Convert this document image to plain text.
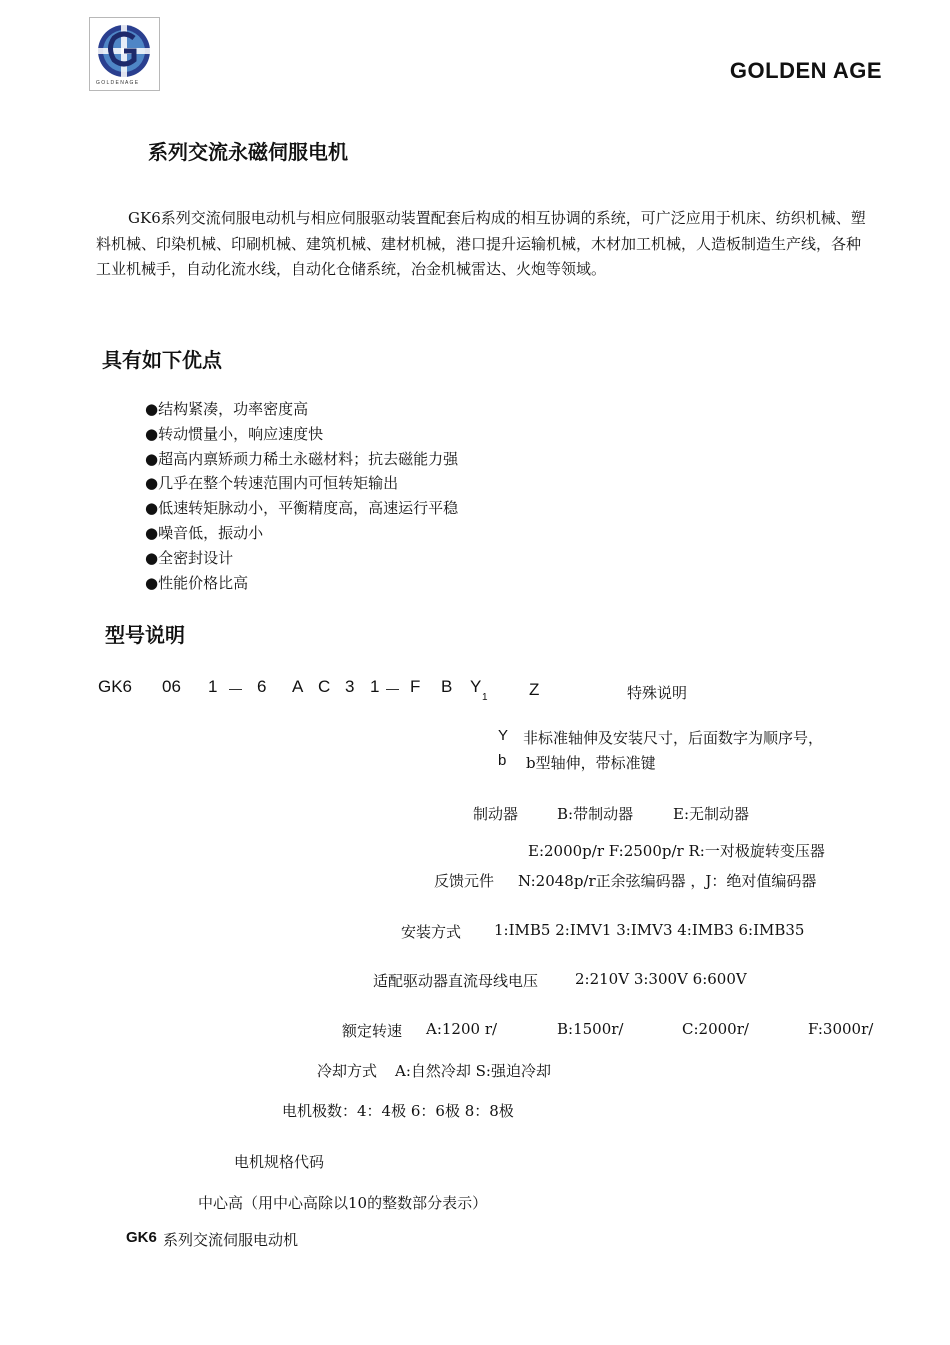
G O L D E N A G E	GOLDEN AGE
系列交流永磁伺服电机
GK6系列交流伺服电动机与相应伺服驱动装置配套后构成的相互协调的系统，可广泛应用于机床、纺织机械、塑料机械、印染机械、印刷机械、建筑机械、建材机械，港口提升运输机械，木材加工机械，人造板制造生产线，各种工业机械手，自动化流水线，自动化仓储系统，冶金机械雷达、火炮等领域。
具有如下优点
●结构紧凑，功率密度高
●转动惯量小，响应速度快
●超高内禀矫顽力稀土永磁材料；抗去磁能力强
●几乎在整个转速范围内可恒转矩输出
●低速转矩脉动小，平衡精度高，高速运行平稳
●噪音低，振动小
●全密封设计
●性能价格比高
型号说明
GK6 06 1 — 6 A C 3 1 — F B Y
1 Z	特殊说明
Y 非标准轴伸及安装尺寸，后面数字为顺序号，
b b型轴伸，带标准键
制动器	B:带制动器	E:无制动器
E:2000p/r F:2500p/r R:一对极旋转变压器
反馈元件 N:2048p/r正余弦编码器 ，J：绝对值编码器
安装方式 1:IMB5 2:IMV1 3:IMV3 4:IMB3 6:IMB35
适配驱动器直流母线电压 2:210V 3:300V 6:600V
额定转速 A:1200 r/	B:1500r/	C:2000r/	F:3000r/
冷却方式 A:自然冷却 S:强迫冷却
电机极数：4：4极 6：6极 8：8极
电机规格代码
中心高（用中心高除以10的整数部分表示）
GK6 系列交流伺服电动机
